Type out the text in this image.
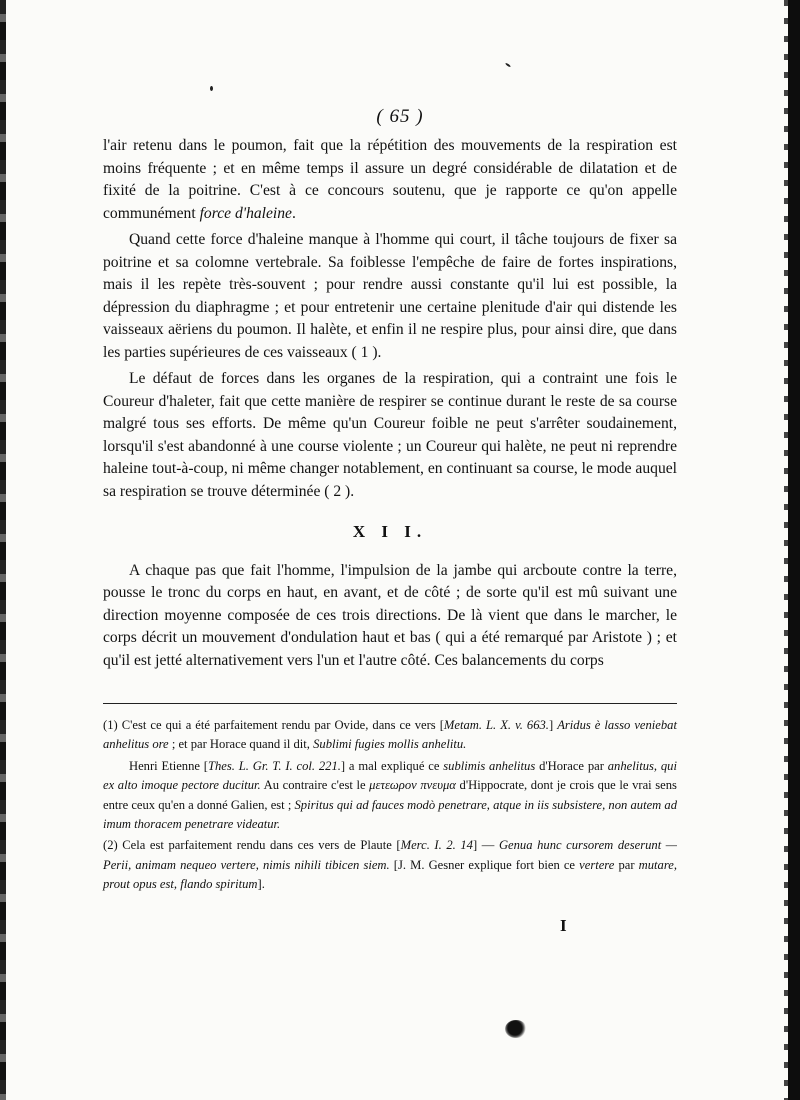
( 65 )

l'air retenu dans le poumon, fait que la répétition des mouvements de la respiration est moins fréquente ; et en même temps il assure un degré considérable de dilatation et de fixité de la poitrine. C'est à ce concours soutenu, que je rapporte ce qu'on appelle communément force d'haleine.

Quand cette force d'haleine manque à l'homme qui court, il tâche toujours de fixer sa poitrine et sa colomne vertebrale. Sa foiblesse l'empêche de faire de fortes inspirations, mais il les repète très-souvent ; pour rendre aussi constante qu'il lui est possible, la dépression du diaphragme ; et pour entretenir une certaine plenitude d'air qui distende les vaisseaux aëriens du poumon. Il halète, et enfin il ne respire plus, pour ainsi dire, que dans les parties supérieures de ces vaisseaux ( 1 ).

Le défaut de forces dans les organes de la respiration, qui a contraint une fois le Coureur d'haleter, fait que cette manière de respirer se continue durant le reste de sa course malgré tous ses efforts. De même qu'un Coureur foible ne peut s'arrêter soudainement, lorsqu'il s'est abandonné à une course violente ; un Coureur qui halète, ne peut ni reprendre haleine tout-à-coup, ni même changer notablement, en continuant sa course, le mode auquel sa respiration se trouve déterminée ( 2 ).

X I I.

A chaque pas que fait l'homme, l'impulsion de la jambe qui arcboute contre la terre, pousse le tronc du corps en haut, en avant, et de côté ; de sorte qu'il est mû suivant une direction moyenne composée de ces trois directions. De là vient que dans le marcher, le corps décrit un mouvement d'ondulation haut et bas ( qui a été remarqué par Aristote ) ; et qu'il est jetté alternativement vers l'un et l'autre côté. Ces balancements du corps

(1) C'est ce qui a été parfaitement rendu par Ovide, dans ce vers [Metam. L. X. v. 663.] Aridus è lasso veniebat anhelitus ore ; et par Horace quand il dit, Sublimi fugies mollis anhelitu.

Henri Etienne [Thes. L. Gr. T. I. col. 221.] a mal expliqué ce sublimis anhelitus d'Horace par anhelitus, qui ex alto imoque pectore ducitur. Au contraire c'est le μετεωρον πνευμα d'Hippocrate, dont je crois que le vrai sens entre ceux qu'en a donné Galien, est ; Spiritus qui ad fauces modò penetrare, atque in iis subsistere, non autem ad imum thoracem penetrare videatur.

(2) Cela est parfaitement rendu dans ces vers de Plaute [Merc. I. 2. 14] — Genua hunc cursorem deserunt — Perii, animam nequeo vertere, nimis nihili tibicen siem. [J. M. Gesner explique fort bien ce vertere par mutare, prout opus est, flando spiritum].

I
